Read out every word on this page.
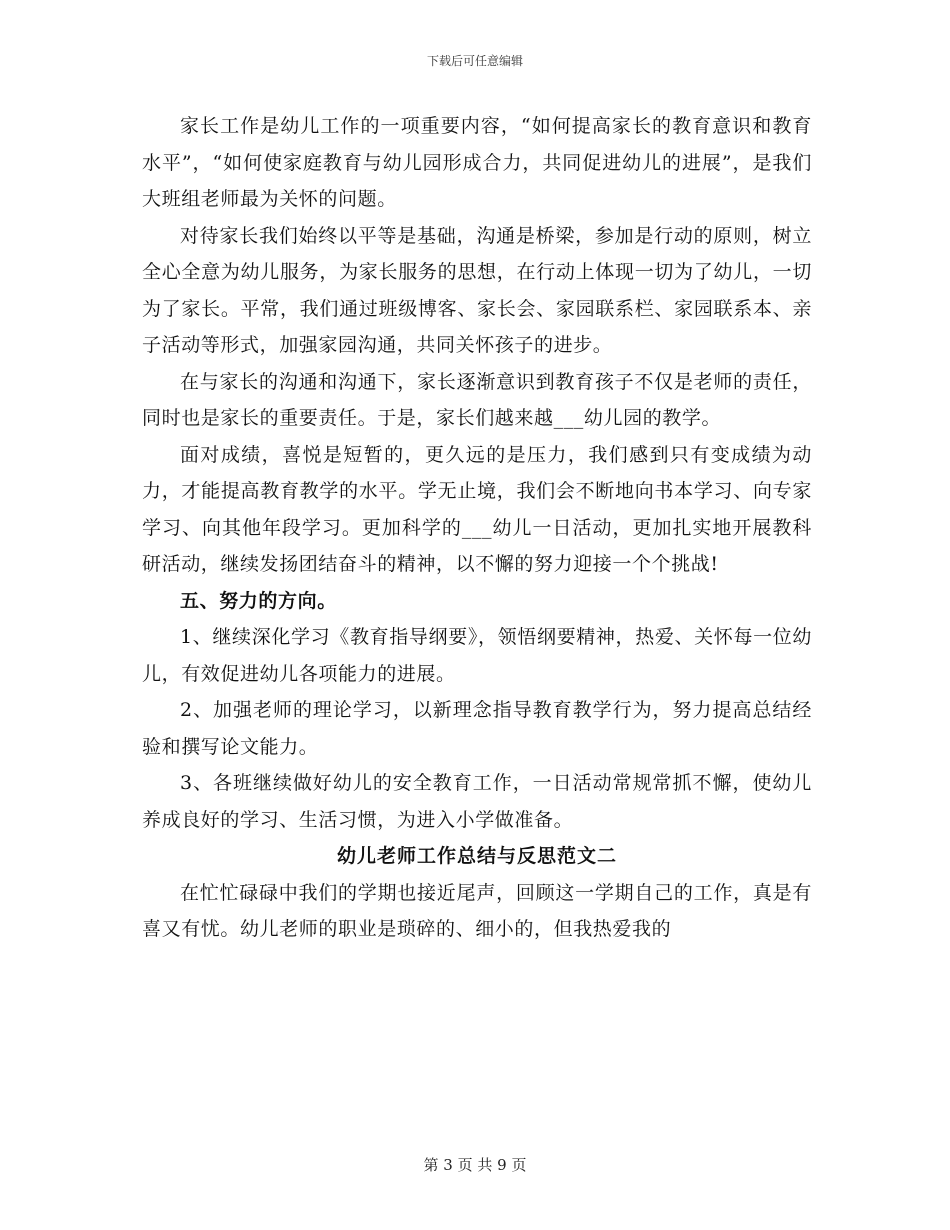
下载后可任意编辑

家长工作是幼儿工作的一项重要内容，“如何提高家长的教育意识和教育水平”，“如何使家庭教育与幼儿园形成合力，共同促进幼儿的进展”，是我们大班组老师最为关怀的问题。

对待家长我们始终以平等是基础，沟通是桥梁，参加是行动的原则，树立全心全意为幼儿服务，为家长服务的思想，在行动上体现一切为了幼儿，一切为了家长。平常，我们通过班级博客、家长会、家园联系栏、家园联系本、亲子活动等形式，加强家园沟通，共同关怀孩子的进步。

在与家长的沟通和沟通下，家长逐渐意识到教育孩子不仅是老师的责任，同时也是家长的重要责任。于是，家长们越来越___幼儿园的教学。

面对成绩，喜悦是短暂的，更久远的是压力，我们感到只有变成绩为动力，才能提高教育教学的水平。学无止境，我们会不断地向书本学习、向专家学习、向其他年段学习。更加科学的___幼儿一日活动，更加扎实地开展教科研活动，继续发扬团结奋斗的精神，以不懈的努力迎接一个个挑战!

五、努力的方向。

1、继续深化学习《教育指导纲要》，领悟纲要精神，热爱、关怀每一位幼儿，有效促进幼儿各项能力的进展。

2、加强老师的理论学习，以新理念指导教育教学行为，努力提高总结经验和撰写论文能力。

3、各班继续做好幼儿的安全教育工作，一日活动常规常抓不懈，使幼儿养成良好的学习、生活习惯，为进入小学做准备。

幼儿老师工作总结与反思范文二

在忙忙碌碌中我们的学期也接近尾声，回顾这一学期自己的工作，真是有喜又有忧。幼儿老师的职业是琐碎的、细小的，但我热爱我的

第 3 页 共 9 页
